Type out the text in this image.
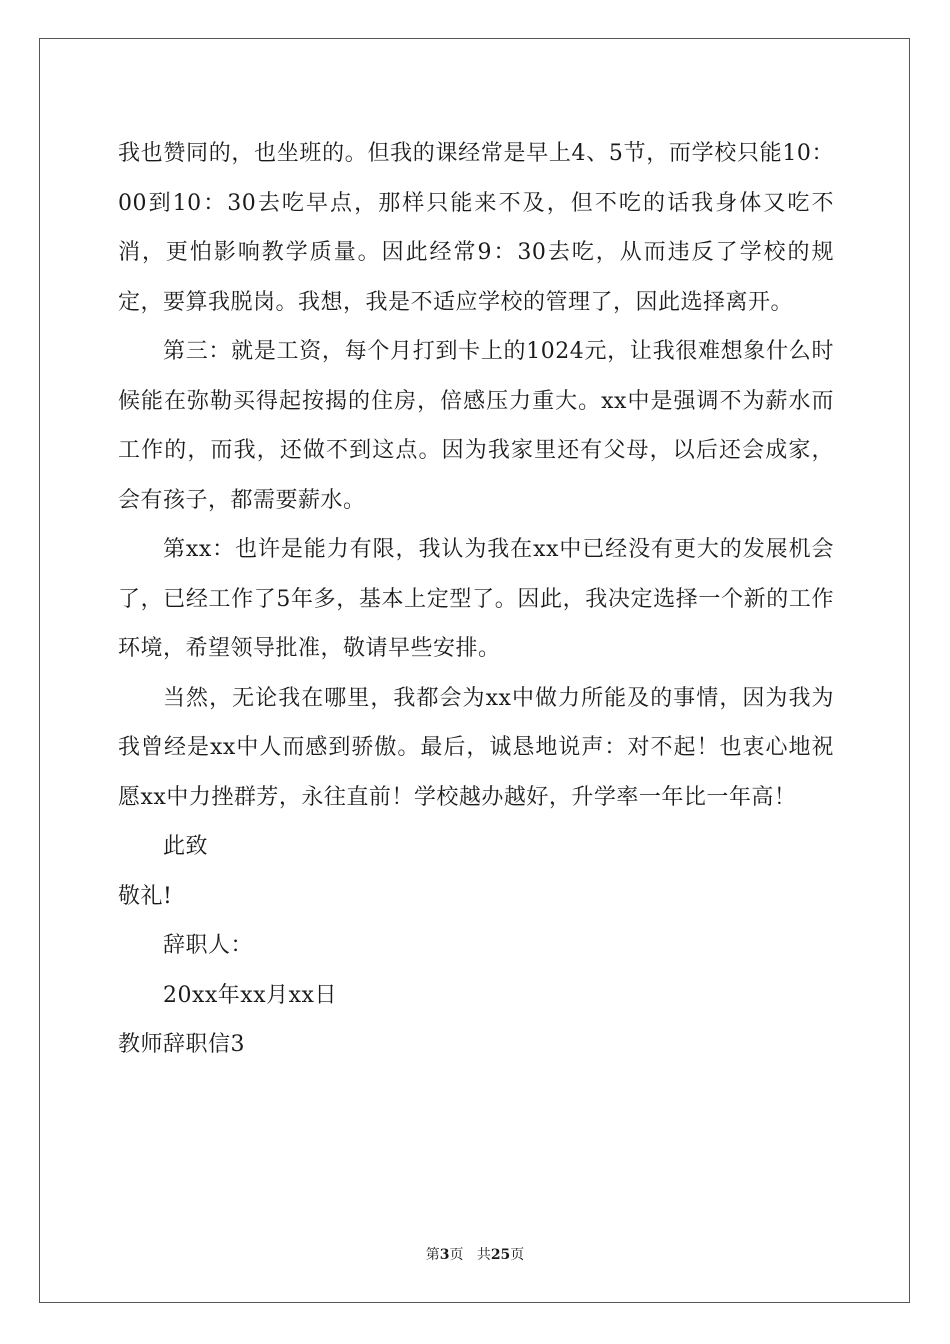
我也赞同的，也坐班的。但我的课经常是早上4、5节，而学校只能10：00到10：30去吃早点，那样只能来不及，但不吃的话我身体又吃不消，更怕影响教学质量。因此经常9：30去吃，从而违反了学校的规定，要算我脱岗。我想，我是不适应学校的管理了，因此选择离开。

第三：就是工资，每个月打到卡上的1024元，让我很难想象什么时候能在弥勒买得起按揭的住房，倍感压力重大。xx中是强调不为薪水而工作的，而我，还做不到这点。因为我家里还有父母，以后还会成家，会有孩子，都需要薪水。

第xx：也许是能力有限，我认为我在xx中已经没有更大的发展机会了，已经工作了5年多，基本上定型了。因此，我决定选择一个新的工作环境，希望领导批准，敬请早些安排。

当然，无论我在哪里，我都会为xx中做力所能及的事情，因为我为我曾经是xx中人而感到骄傲。最后，诚恳地说声：对不起！也衷心地祝愿xx中力挫群芳，永往直前！学校越办越好，升学率一年比一年高！

此致

敬礼!

辞职人：

20xx年xx月xx日

教师辞职信3

第3页 共25页
